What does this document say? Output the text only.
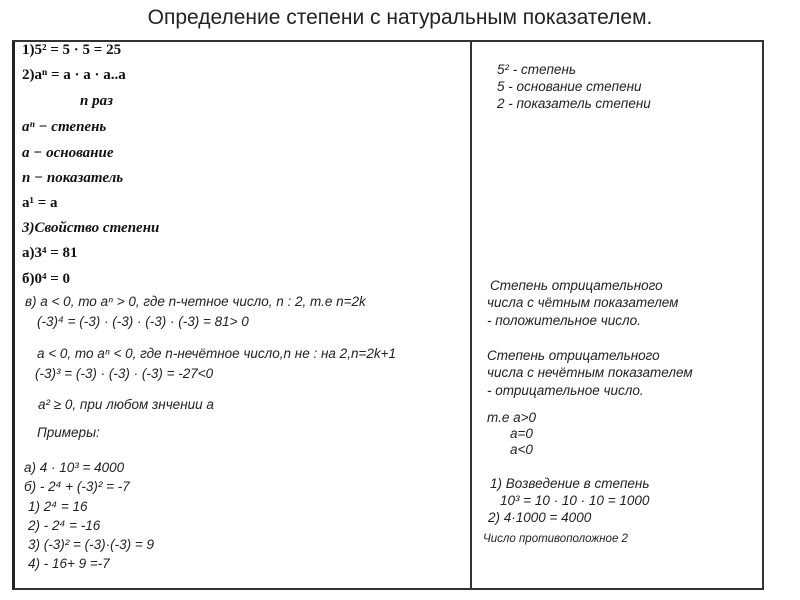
Определение степени с натуральным показателем.
1)5² = 5 · 5 = 25
2)aⁿ = a · a · a..a
n раз
aⁿ − степень
a − основание
n − показатель
a¹ = a
3)Свойство степени
а)3⁴ = 81
б)0⁴ = 0
в) a < 0, то aⁿ > 0, где n-четное число, n : 2, т.е n=2k
(-3)⁴ = (-3) · (-3) · (-3) · (-3) = 81> 0
a < 0, то aⁿ < 0, где n-нечётное число,n не : на 2,n=2k+1
(-3)³ = (-3) · (-3) · (-3) = -27<0
a² ≥ 0, при любом знчении а
Примеры:
а) 4 · 10³ = 4000
б) - 2⁴ + (-3)² = -7
1) 2⁴ = 16
2) - 2⁴ = -16
3) (-3)² = (-3)·(-3) = 9
4) - 16+ 9 =-7
5² - степень
5 - основание степени
2 - показатель степени
Степень отрицательного
числа с чётным показателем
- положительное число.
Степень отрицательного
числа с нечётным показателем
- отрицательное число.
т.е a>0
a=0
a<0
1) Возведение в степень
10³ = 10 · 10 · 10 = 1000
2) 4·1000 = 4000
Число противоположное 2
